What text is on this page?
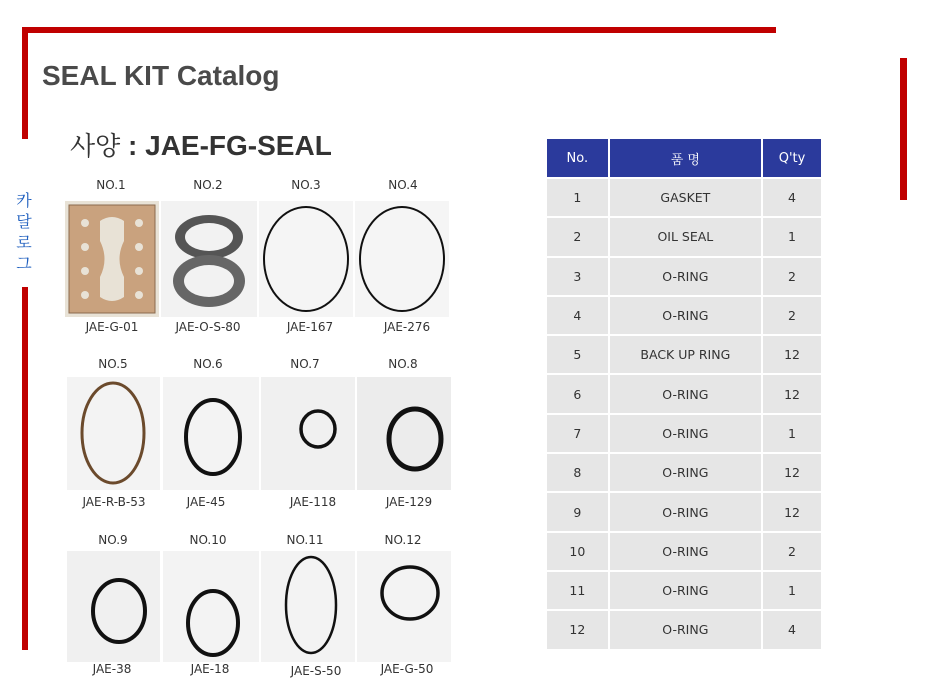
SEAL KIT Catalog
사양 : JAE-FG-SEAL
카달로그
NO.1	NO.2	NO.3	NO.4
JAE-G-01	JAE-O-S-80	JAE-167	JAE-276
NO.5	NO.6	NO.7	NO.8
JAE-R-B-53	JAE-45	JAE-118	JAE-129
NO.9	NO.10	NO.11	NO.12
JAE-38	JAE-18	JAE-S-50	JAE-G-50
No.	품 명	Q'ty
1	GASKET	4
2	OIL SEAL	1
3	O-RING	2
4	O-RING	2
5	BACK UP RING	12
6	O-RING	12
7	O-RING	1
8	O-RING	12
9	O-RING	12
10	O-RING	2
11	O-RING	1
12	O-RING	4
